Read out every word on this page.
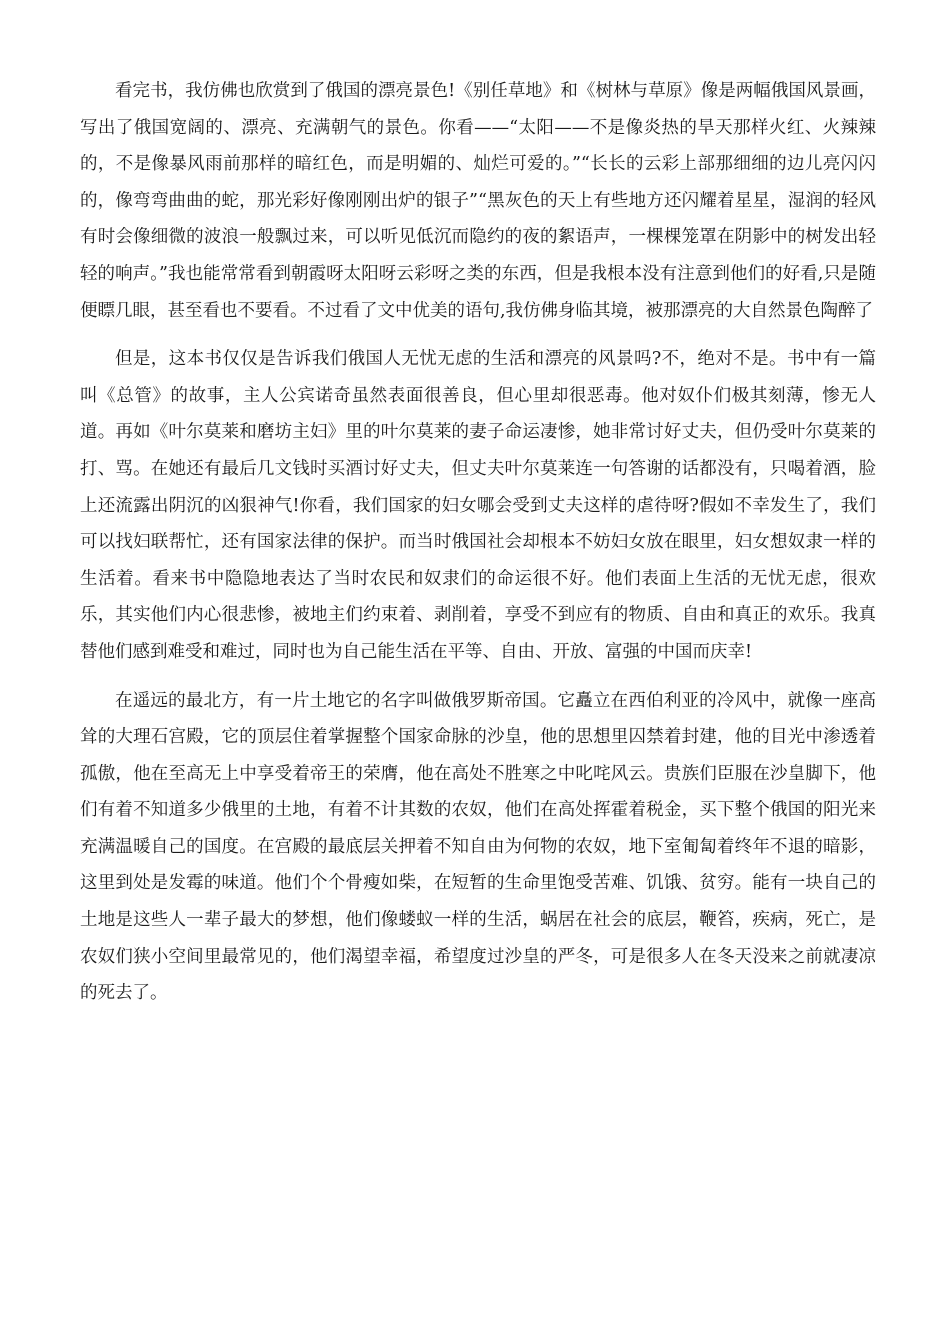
看完书，我仿佛也欣赏到了俄国的漂亮景色!《别任草地》和《树林与草原》像是两幅俄国风景画，写出了俄国宽阔的、漂亮、充满朝气的景色。你看——“太阳——不是像炎热的旱天那样火红、火辣辣的，不是像暴风雨前那样的暗红色，而是明媚的、灿烂可爱的。”“长长的云彩上部那细细的边儿亮闪闪的，像弯弯曲曲的蛇，那光彩好像刚刚出炉的银子”“黑灰色的天上有些地方还闪耀着星星，湿润的轻风有时会像细微的波浪一般飘过来，可以听见低沉而隐约的夜的絮语声，一棵棵笼罩在阴影中的树发出轻轻的响声。”我也能常常看到朝霞呀太阳呀云彩呀之类的东西，但是我根本没有注意到他们的好看,只是随便瞟几眼，甚至看也不要看。不过看了文中优美的语句,我仿佛身临其境，被那漂亮的大自然景色陶醉了

但是，这本书仅仅是告诉我们俄国人无忧无虑的生活和漂亮的风景吗?不，绝对不是。书中有一篇叫《总管》的故事，主人公宾诺奇虽然表面很善良，但心里却很恶毒。他对奴仆们极其刻薄，惨无人道。再如《叶尔莫莱和磨坊主妇》里的叶尔莫莱的妻子命运凄惨，她非常讨好丈夫，但仍受叶尔莫莱的打、骂。在她还有最后几文钱时买酒讨好丈夫，但丈夫叶尔莫莱连一句答谢的话都没有，只喝着酒，脸上还流露出阴沉的凶狠神气!你看，我们国家的妇女哪会受到丈夫这样的虐待呀?假如不幸发生了，我们可以找妇联帮忙，还有国家法律的保护。而当时俄国社会却根本不妨妇女放在眼里，妇女想奴隶一样的生活着。看来书中隐隐地表达了当时农民和奴隶们的命运很不好。他们表面上生活的无忧无虑，很欢乐，其实他们内心很悲惨，被地主们约束着、剥削着，享受不到应有的物质、自由和真正的欢乐。我真替他们感到难受和难过，同时也为自己能生活在平等、自由、开放、富强的中国而庆幸!

在遥远的最北方，有一片土地它的名字叫做俄罗斯帝国。它矗立在西伯利亚的冷风中，就像一座高耸的大理石宫殿，它的顶层住着掌握整个国家命脉的沙皇，他的思想里囚禁着封建，他的目光中渗透着孤傲，他在至高无上中享受着帝王的荣膺，他在高处不胜寒之中叱咤风云。贵族们臣服在沙皇脚下，他们有着不知道多少俄里的土地，有着不计其数的农奴，他们在高处挥霍着税金，买下整个俄国的阳光来充满温暖自己的国度。在宫殿的最底层关押着不知自由为何物的农奴，地下室匍匐着终年不退的暗影，这里到处是发霉的味道。他们个个骨瘦如柴，在短暂的生命里饱受苦难、饥饿、贫穷。能有一块自己的土地是这些人一辈子最大的梦想，他们像蝼蚁一样的生活，蜗居在社会的底层，鞭笞，疾病，死亡，是农奴们狭小空间里最常见的，他们渴望幸福，希望度过沙皇的严冬，可是很多人在冬天没来之前就凄凉的死去了。
